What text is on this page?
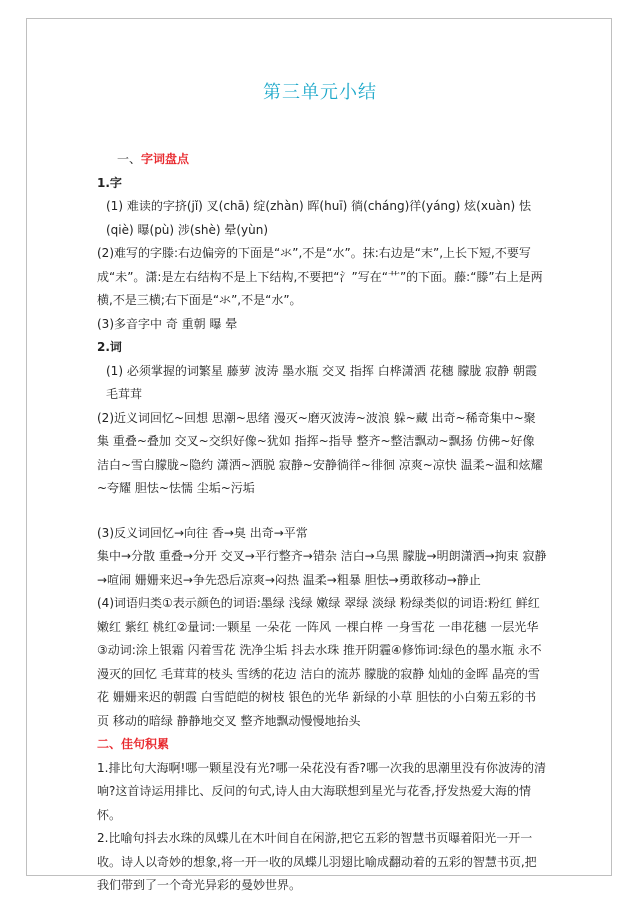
第三单元小结

一、字词盘点

1.字

(1) 难读的字挤(jǐ) 叉(chā) 绽(zhàn) 晖(huī) 徜(cháng)徉(yáng) 炫(xuàn) 怯(qiè) 曝(pù) 涉(shè) 晕(yùn)

(2)难写的字滕:右边偏旁的下面是“氺”,不是“水”。抹:右边是“末”,上长下短,不要写成“未”。潇:是左右结构不是上下结构,不要把“氵”写在“艹”的下面。藤:“滕”右上是两横,不是三横;右下面是“氺”,不是“水”。

(3)多音字中 奇 重朝 曝 晕

2.词

(1) 必须掌握的词繁星 藤萝 波涛 墨水瓶 交叉 指挥 白桦潇洒 花穗 朦胧 寂静 朝霞 毛茸茸

(2)近义词回忆~回想 思潮~思绪 漫灭~磨灭波涛~波浪 躲~藏 出奇~稀奇集中~聚集 重叠~叠加 交叉~交织好像~犹如 指挥~指导 整齐~整洁飘动~飘扬 仿佛~好像 洁白~雪白朦胧~隐约 潇洒~洒脱 寂静~安静徜徉~徘徊 凉爽~凉快 温柔~温和炫耀~夸耀 胆怯~怯懦 尘垢~污垢

(3)反义词回忆→向往 香→臭 出奇→平常

集中→分散 重叠→分开 交叉→平行整齐→错杂 洁白→乌黑 朦胧→明朗潇洒→拘束 寂静→喧闹 姗姗来迟→争先恐后凉爽→闷热 温柔→粗暴 胆怯→勇敢移动→静止

(4)词语归类①表示颜色的词语:墨绿 浅绿 嫩绿 翠绿 淡绿 粉绿类似的词语:粉红 鲜红 嫩红 紫红 桃红②量词:一颗星 一朵花 一阵风 一棵白桦 一身雪花 一串花穗 一层光华 ③动词:涂上银霜 闪着雪花 洗净尘垢 抖去水珠 推开阴霾④修饰词:绿色的墨水瓶 永不漫灭的回忆 毛茸茸的枝头 雪绣的花边 洁白的流苏 朦胧的寂静 灿灿的金晖 晶亮的雪花 姗姗来迟的朝霞 白雪皑皑的树枝 银色的光华 新绿的小草 胆怯的小白菊五彩的书页 移动的暗绿 静静地交叉 整齐地飘动慢慢地抬头

二、佳句积累

1.排比句大海啊!哪一颗星没有光?哪一朵花没有香?哪一次我的思潮里没有你波涛的清响?这首诗运用排比、反问的句式,诗人由大海联想到星光与花香,抒发热爱大海的情怀。

2.比喻句抖去水珠的凤蝶儿在木叶间自在闲游,把它五彩的智慧书页曝着阳光一开一收。诗人以奇妙的想象,将一开一收的凤蝶儿羽翅比喻成翻动着的五彩的智慧书页,把我们带到了一个奇光异彩的曼妙世界。
